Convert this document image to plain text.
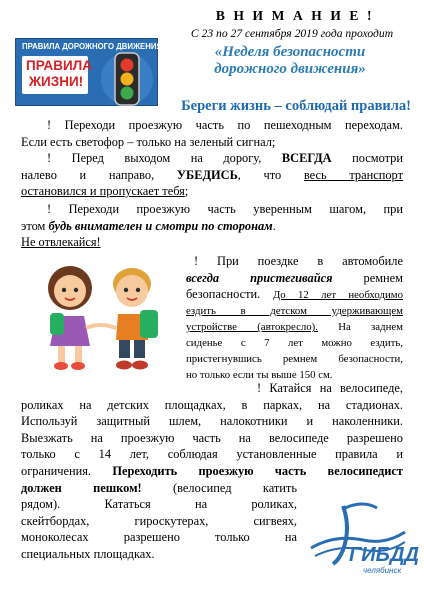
В Н И М А Н И Е !
С 23 по 27 сентября 2019 года проходит
«Неделя безопасности
дорожного движения»
ПРАВИЛА ДОРОЖНОГО ДВИЖЕНИЯ –
ПРАВИЛА
ЖИЗНИ!
Береги жизнь – соблюдай правила!
! Переходи проезжую часть по пешеходным переходам.
Если есть светофор – только на зеленый сигнал;
! Перед выходом на дорогу, ВСЕГДА посмотри
налево и направо, УБЕДИСЬ, что весь транспорт
остановился и пропускает тебя;
! Переходи проезжую часть уверенным шагом, при
этом будь внимателен и смотри по сторонам.
Не отвлекайся!
! При поездке в автомобиле
всегда пристегивайся ремнем
безопасности. До 12 лет необходимо
ездить в детском удерживающем
устройстве (автокресло). На заднем
сиденье с 7 лет можно ездить,
пристегнувшись ремнем безопасности,
но только если ты выше 150 см.
! Катайся на велосипеде,
роликах на детских площадках, в парках, на стадионах.
Используй защитный шлем, налокотники и наколенники.
Выезжать на проезжую часть на велосипеде разрешено
только с 14 лет, соблюдая установленные правила и
ограничения. Переходить проезжую часть велосипедист
должен пешком! (велосипед катить
рядом). Кататься на роликах,
скейтбордах, гироскутерах, сигвеях,
моноколесах разрешено только на
специальных площадках.	ГИБДД
челябинск
